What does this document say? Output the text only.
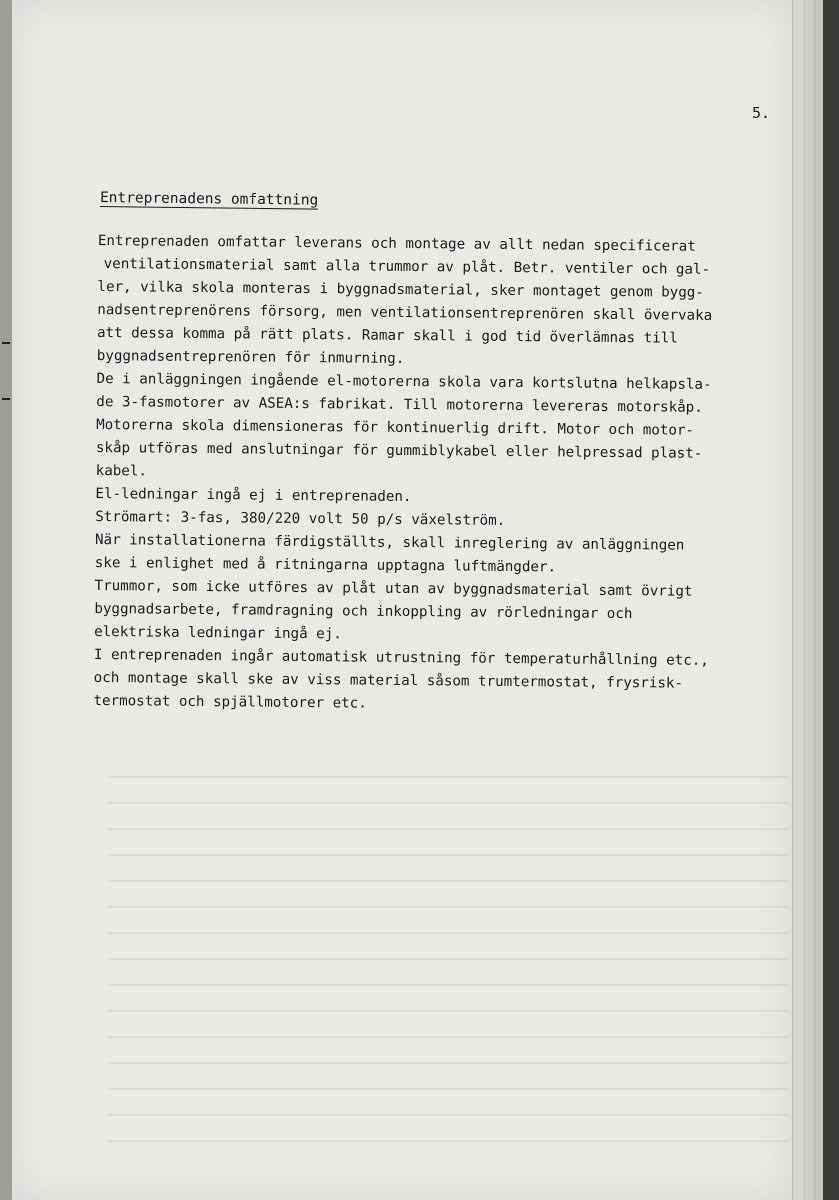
5.
Entreprenadens omfattning
Entreprenaden omfattar leverans och montage av allt nedan specificerat
ventilationsmaterial samt alla trummor av plåt. Betr. ventiler och gal-
ler, vilka skola monteras i byggnadsmaterial, sker montaget genom bygg-
nadsentreprenörens försorg, men ventilationsentreprenören skall övervaka
att dessa komma på rätt plats. Ramar skall i god tid överlämnas till
byggnadsentreprenören för inmurning.
De i anläggningen ingående el-motorerna skola vara kortslutna helkapsla-
de 3-fasmotorer av ASEA:s fabrikat. Till motorerna levereras motorskåp.
Motorerna skola dimensioneras för kontinuerlig drift. Motor och motor-
skåp utföras med anslutningar för gummiblykabel eller helpressad plast-
kabel.
El-ledningar ingå ej i entreprenaden.
Strömart: 3-fas, 380/220 volt 50 p/s växelström.
När installationerna färdigställts, skall inreglering av anläggningen
ske i enlighet med å ritningarna upptagna luftmängder.
Trummor, som icke utföres av plåt utan av byggnadsmaterial samt övrigt
byggnadsarbete, framdragning och inkoppling av rörledningar och
elektriska ledningar ingå ej.
I entreprenaden ingår automatisk utrustning för temperaturhållning etc.,
och montage skall ske av viss material såsom trumtermostat, frysrisk-
termostat och spjällmotorer etc.
